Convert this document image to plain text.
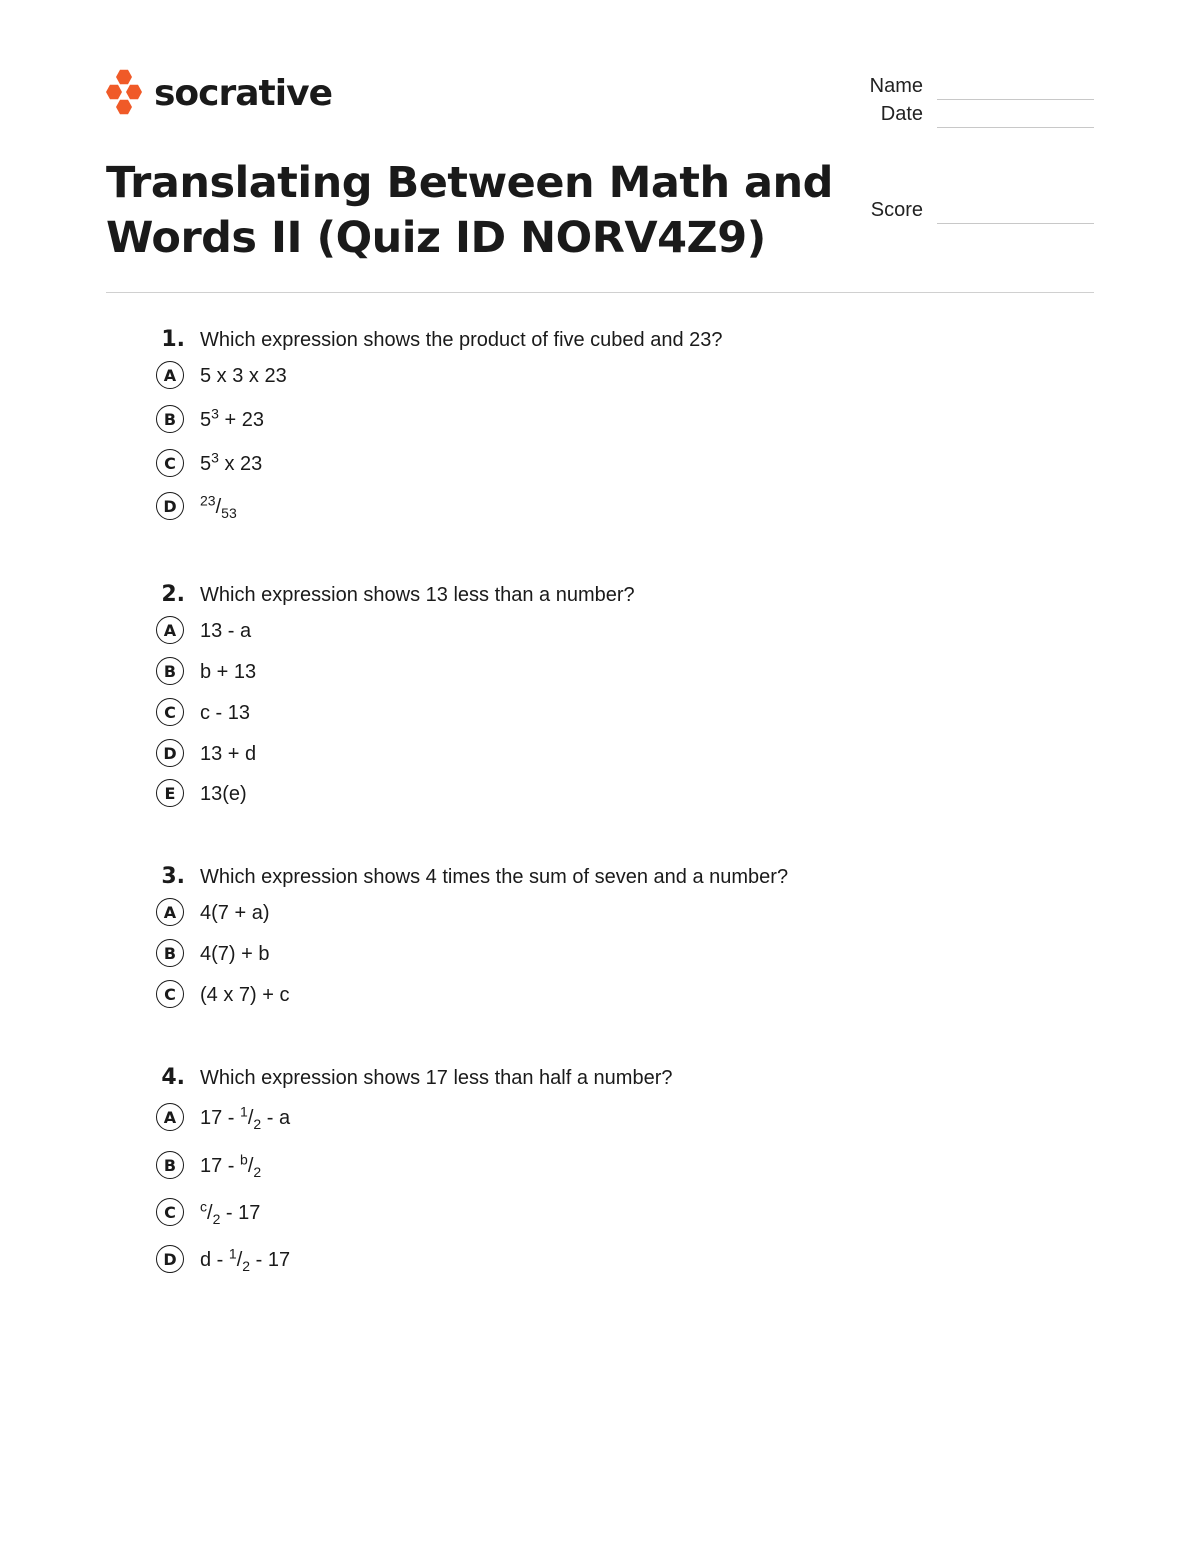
socrative	Name
Date
Score
Translating Between Math and Words II (Quiz ID NORV4Z9)
1. Which expression shows the product of five cubed and 23?
A	5 x 3 x 23
B	$5^3 + 23$
C	$5^3$ x 23
D	$^{23}/_{53}$
2. Which expression shows 13 less than a number?
A	13 - a
B	b + 13
C	c - 13
D	13 + d
E	13(e)
3. Which expression shows 4 times the sum of seven and a number?
A	4(7 + a)
B	4(7) + b
C	(4 x 7) + c
4. Which expression shows 17 less than half a number?
A	$17 - ^1/_2$ - a
B	$17 - ^b/_2$
C	$^c/_2 - 17$
D	d - $^1/_2 - 17$
